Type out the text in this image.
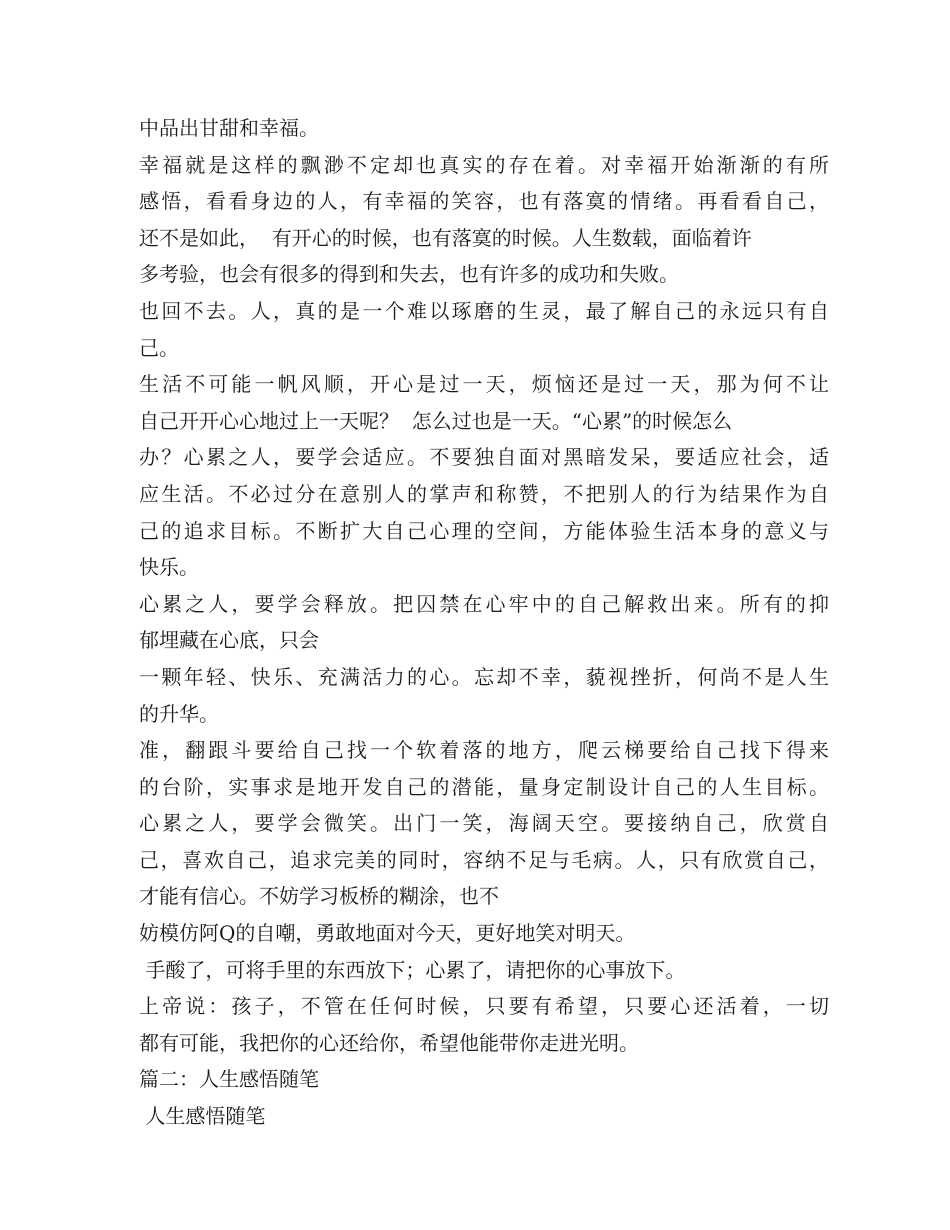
中品出甘甜和幸福。
幸福就是这样的飘渺不定却也真实的存在着。对幸福开始渐渐的有所
感悟，看看身边的人，有幸福的笑容，也有落寞的情绪。再看看自己，
还不是如此，  有开心的时候，也有落寞的时候。人生数载，面临着许
多考验，也会有很多的得到和失去，也有许多的成功和失败。
也回不去。人，真的是一个难以琢磨的生灵，最了解自己的永远只有自
己。
生活不可能一帆风顺，开心是过一天，烦恼还是过一天，那为何不让
自己开开心心地过上一天呢？  怎么过也是一天。“心累”的时候怎么
办？心累之人，要学会适应。不要独自面对黑暗发呆，要适应社会，适
应生活。不必过分在意别人的掌声和称赞，不把别人的行为结果作为自
己的追求目标。不断扩大自己心理的空间，方能体验生活本身的意义与
快乐。
心累之人，要学会释放。把囚禁在心牢中的自己解救出来。所有的抑
郁埋藏在心底，只会
一颗年轻、快乐、充满活力的心。忘却不幸，藐视挫折，何尚不是人生
的升华。
准，翻跟斗要给自己找一个软着落的地方，爬云梯要给自己找下得来
的台阶，实事求是地开发自己的潜能，量身定制设计自己的人生目标。
心累之人，要学会微笑。出门一笑，海阔天空。要接纳自己，欣赏自
己，喜欢自己，追求完美的同时，容纳不足与毛病。人，只有欣赏自己，
才能有信心。不妨学习板桥的糊涂，也不
妨模仿阿Q的自嘲，勇敢地面对今天，更好地笑对明天。
手酸了，可将手里的东西放下；心累了，请把你的心事放下。
上帝说：孩子，不管在任何时候，只要有希望，只要心还活着，一切
都有可能，我把你的心还给你，希望他能带你走进光明。
篇二：人生感悟随笔
人生感悟随笔
